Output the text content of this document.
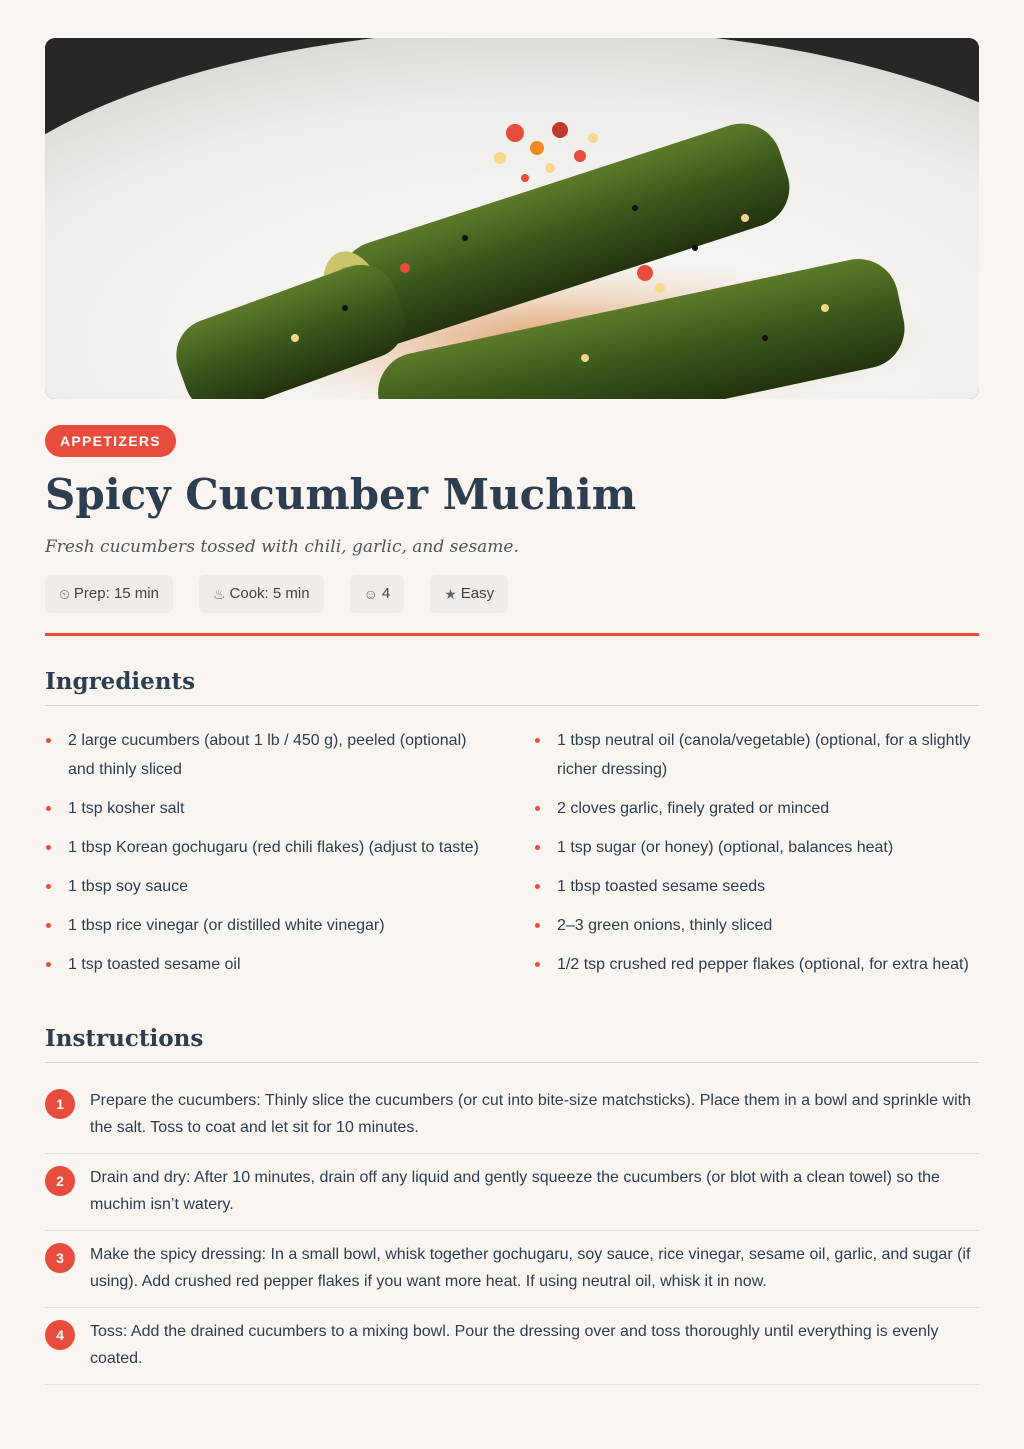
APPETIZERS
Spicy Cucumber Muchim

Fresh cucumbers tossed with chili, garlic, and sesame.

⏲ Prep: 15 min	♨ Cook: 5 min	☺ 4	★ Easy
Ingredients
2 large cucumbers (about 1 lb / 450 g), peeled (optional) and thinly sliced
1 tsp kosher salt
1 tbsp Korean gochugaru (red chili flakes) (adjust to taste)
1 tbsp soy sauce
1 tbsp rice vinegar (or distilled white vinegar)
1 tsp toasted sesame oil
1 tbsp neutral oil (canola/vegetable) (optional, for a slightly richer dressing)
2 cloves garlic, finely grated or minced
1 tsp sugar (or honey) (optional, balances heat)
1 tbsp toasted sesame seeds
2–3 green onions, thinly sliced
1/2 tsp crushed red pepper flakes (optional, for extra heat)
Instructions
1	Prepare the cucumbers: Thinly slice the cucumbers (or cut into bite-size matchsticks). Place them in a bowl and sprinkle with the salt. Toss to coat and let sit for 10 minutes.
2	Drain and dry: After 10 minutes, drain off any liquid and gently squeeze the cucumbers (or blot with a clean towel) so the muchim isn’t watery.
3	Make the spicy dressing: In a small bowl, whisk together gochugaru, soy sauce, rice vinegar, sesame oil, garlic, and sugar (if using). Add crushed red pepper flakes if you want more heat. If using neutral oil, whisk it in now.
4	Toss: Add the drained cucumbers to a mixing bowl. Pour the dressing over and toss thoroughly until everything is evenly coated.
